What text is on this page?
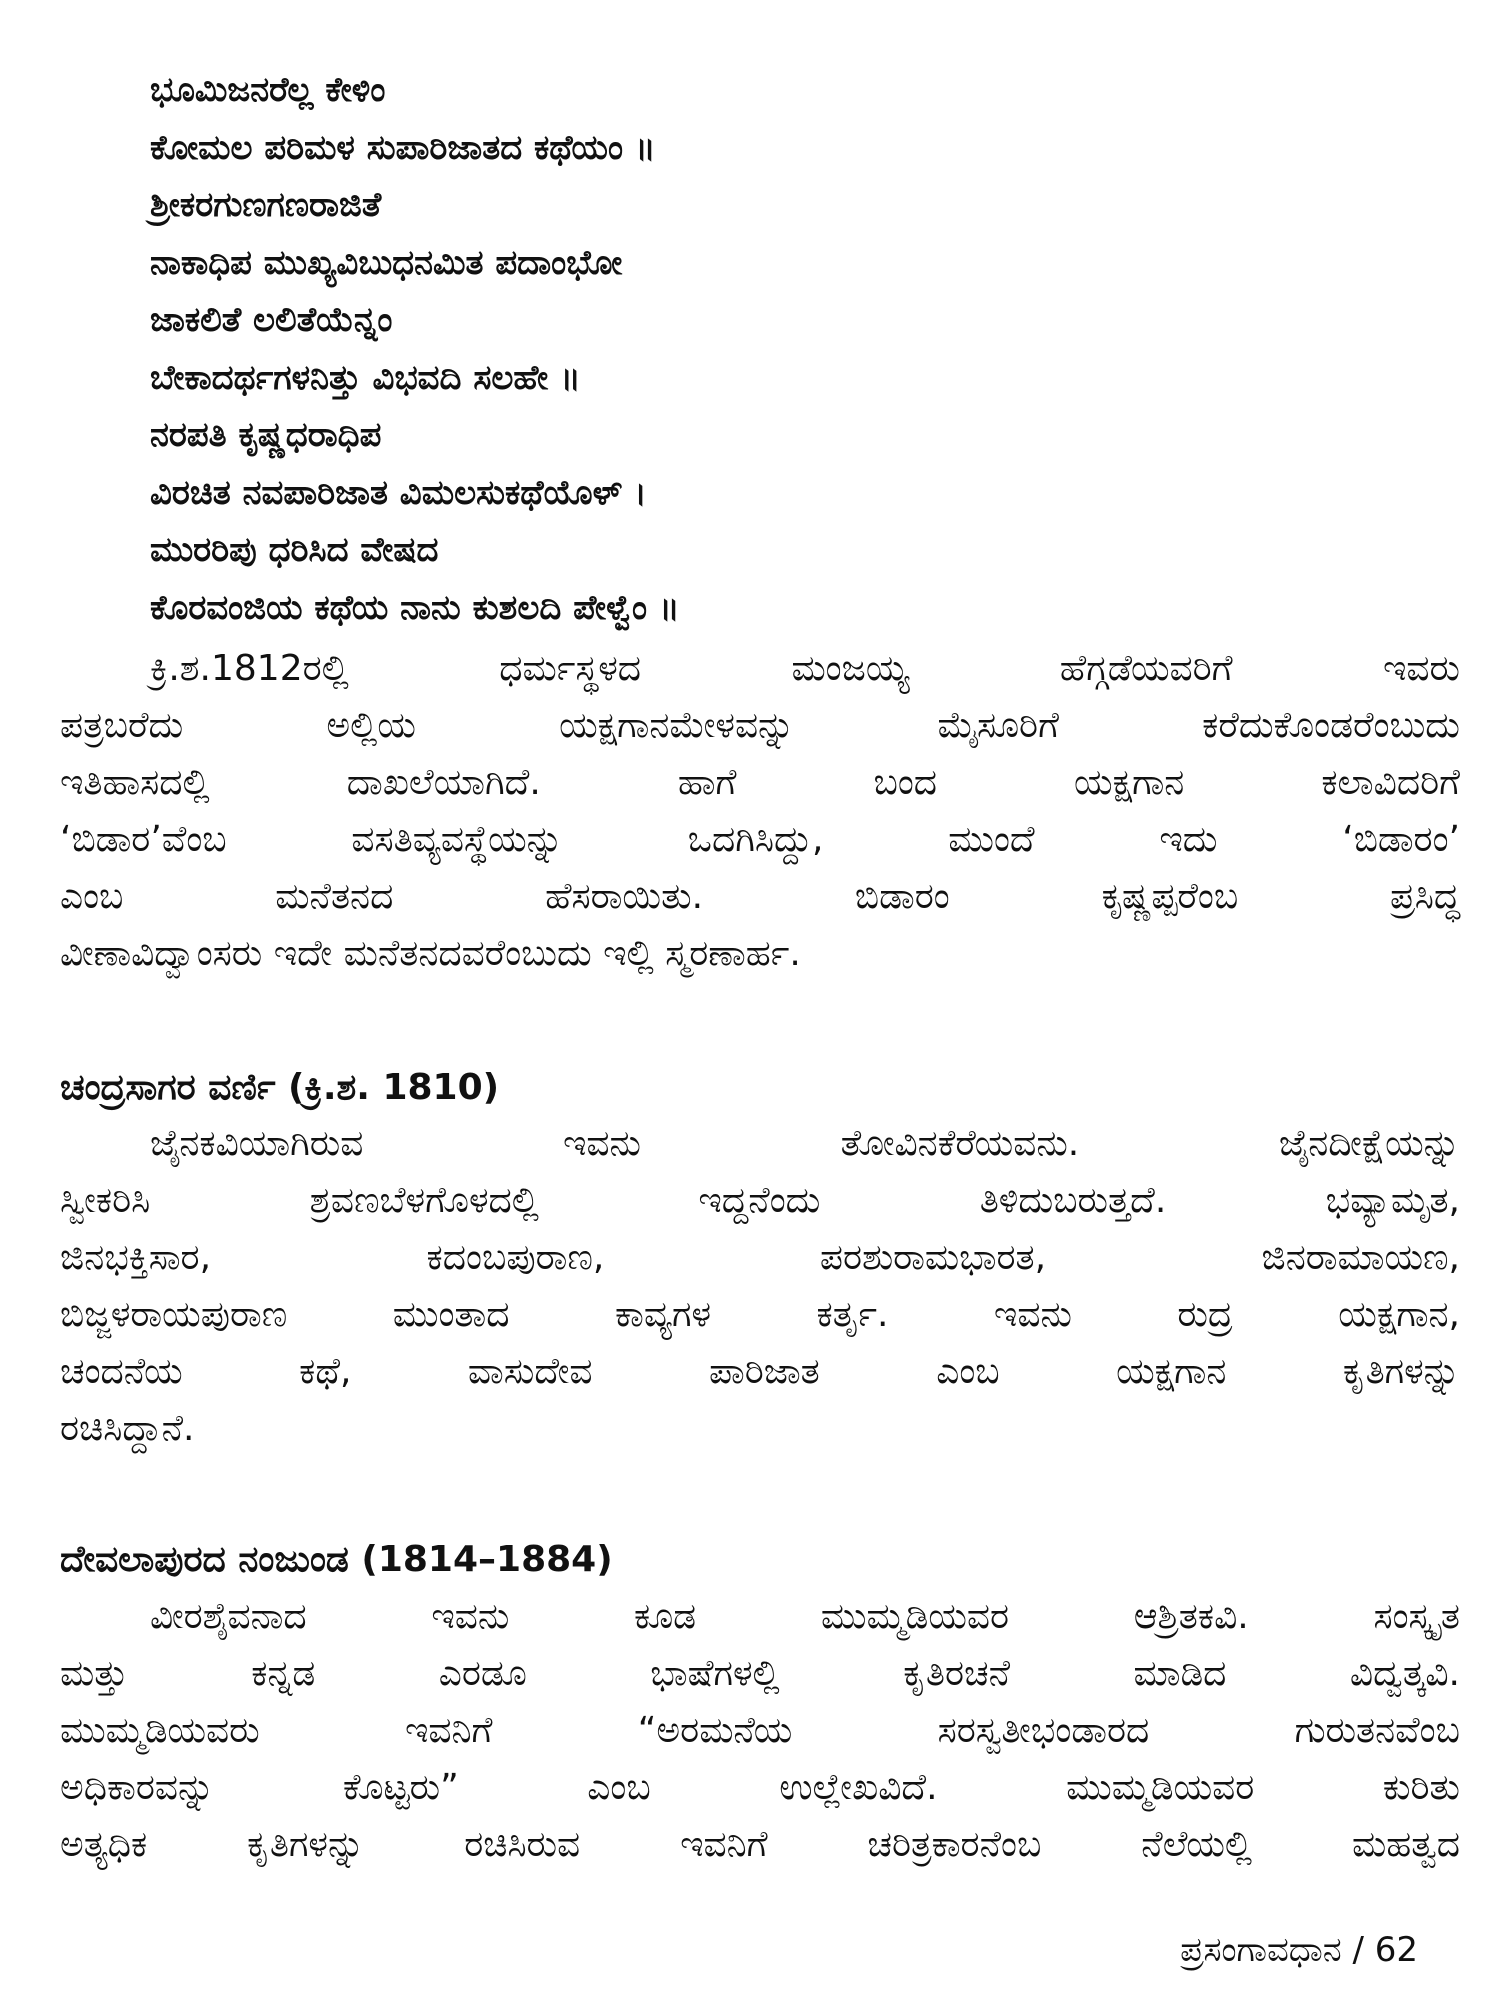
ಭೂಮಿಜನರೆಲ್ಲ ಕೇಳಿಂ
ಕೋಮಲ ಪರಿಮಳ ಸುಪಾರಿಜಾತದ ಕಥೆಯಂ ॥
ಶ್ರೀಕರಗುಣಗಣರಾಜಿತೆ
ನಾಕಾಧಿಪ ಮುಖ್ಯವಿಬುಧನಮಿತ ಪದಾಂಭೋ
ಜಾಕಲಿತೆ ಲಲಿತೆಯೆನ್ನಂ
ಬೇಕಾದರ್ಥಗಳನಿತ್ತು ವಿಭವದಿ ಸಲಹೇ ॥
ನರಪತಿ ಕೃಷ್ಣಧರಾಧಿಪ
ವಿರಚಿತ ನವಪಾರಿಜಾತ ವಿಮಲಸುಕಥೆಯೊಳ್ ।
ಮುರರಿಪು ಧರಿಸಿದ ವೇಷದ
ಕೊರವಂಜಿಯ ಕಥೆಯ ನಾನು ಕುಶಲದಿ ಪೇಳ್ವೆಂ ॥
ಕ್ರಿ.ಶ.1812ರಲ್ಲಿ ಧರ್ಮಸ್ಥಳದ ಮಂಜಯ್ಯ ಹೆಗ್ಗಡೆಯವರಿಗೆ ಇವರು
ಪತ್ರಬರೆದು ಅಲ್ಲಿಯ ಯಕ್ಷಗಾನಮೇಳವನ್ನು ಮೈಸೂರಿಗೆ ಕರೆದುಕೊಂಡರೆಂಬುದು
ಇತಿಹಾಸದಲ್ಲಿ ದಾಖಲೆಯಾಗಿದೆ. ಹಾಗೆ ಬಂದ ಯಕ್ಷಗಾನ ಕಲಾವಿದರಿಗೆ
‘ಬಿಡಾರ’ವೆಂಬ ವಸತಿವ್ಯವಸ್ಥೆಯನ್ನು ಒದಗಿಸಿದ್ದು, ಮುಂದೆ ಇದು ‘ಬಿಡಾರಂ’
ಎಂಬ ಮನೆತನದ ಹೆಸರಾಯಿತು. ಬಿಡಾರಂ ಕೃಷ್ಣಪ್ಪರೆಂಬ ಪ್ರಸಿದ್ಧ
ವೀಣಾವಿದ್ವಾಂಸರು ಇದೇ ಮನೆತನದವರೆಂಬುದು ಇಲ್ಲಿ ಸ್ಮರಣಾರ್ಹ.
ಚಂದ್ರಸಾಗರ ವರ್ಣಿ (ಕ್ರಿ.ಶ. 1810)
ಜೈನಕವಿಯಾಗಿರುವ ಇವನು ತೋವಿನಕೆರೆಯವನು. ಜೈನದೀಕ್ಷೆಯನ್ನು
ಸ್ವೀಕರಿಸಿ ಶ್ರವಣಬೆಳಗೊಳದಲ್ಲಿ ಇದ್ದನೆಂದು ತಿಳಿದುಬರುತ್ತದೆ. ಭವ್ಯಾಮೃತ,
ಜಿನಭಕ್ತಿಸಾರ, ಕದಂಬಪುರಾಣ, ಪರಶುರಾಮಭಾರತ, ಜಿನರಾಮಾಯಣ,
ಬಿಜ್ಜಳರಾಯಪುರಾಣ ಮುಂತಾದ ಕಾವ್ಯಗಳ ಕರ್ತೃ. ಇವನು ರುದ್ರ ಯಕ್ಷಗಾನ,
ಚಂದನೆಯ ಕಥೆ, ವಾಸುದೇವ ಪಾರಿಜಾತ ಎಂಬ ಯಕ್ಷಗಾನ ಕೃತಿಗಳನ್ನು
ರಚಿಸಿದ್ದಾನೆ.
ದೇವಲಾಪುರದ ನಂಜುಂಡ (1814–1884)
ವೀರಶೈವನಾದ ಇವನು ಕೂಡ ಮುಮ್ಮಡಿಯವರ ಆಶ್ರಿತಕವಿ. ಸಂಸ್ಕೃತ
ಮತ್ತು ಕನ್ನಡ ಎರಡೂ ಭಾಷೆಗಳಲ್ಲಿ ಕೃತಿರಚನೆ ಮಾಡಿದ ವಿದ್ವತ್ಕವಿ.
ಮುಮ್ಮಡಿಯವರು ಇವನಿಗೆ “ಅರಮನೆಯ ಸರಸ್ವತೀಭಂಡಾರದ ಗುರುತನವೆಂಬ
ಅಧಿಕಾರವನ್ನು ಕೊಟ್ಟರು” ಎಂಬ ಉಲ್ಲೇಖವಿದೆ. ಮುಮ್ಮಡಿಯವರ ಕುರಿತು
ಅತ್ಯಧಿಕ ಕೃತಿಗಳನ್ನು ರಚಿಸಿರುವ ಇವನಿಗೆ ಚರಿತ್ರಕಾರನೆಂಬ ನೆಲೆಯಲ್ಲಿ ಮಹತ್ವದ
ಪ್ರಸಂಗಾವಧಾನ / 62
